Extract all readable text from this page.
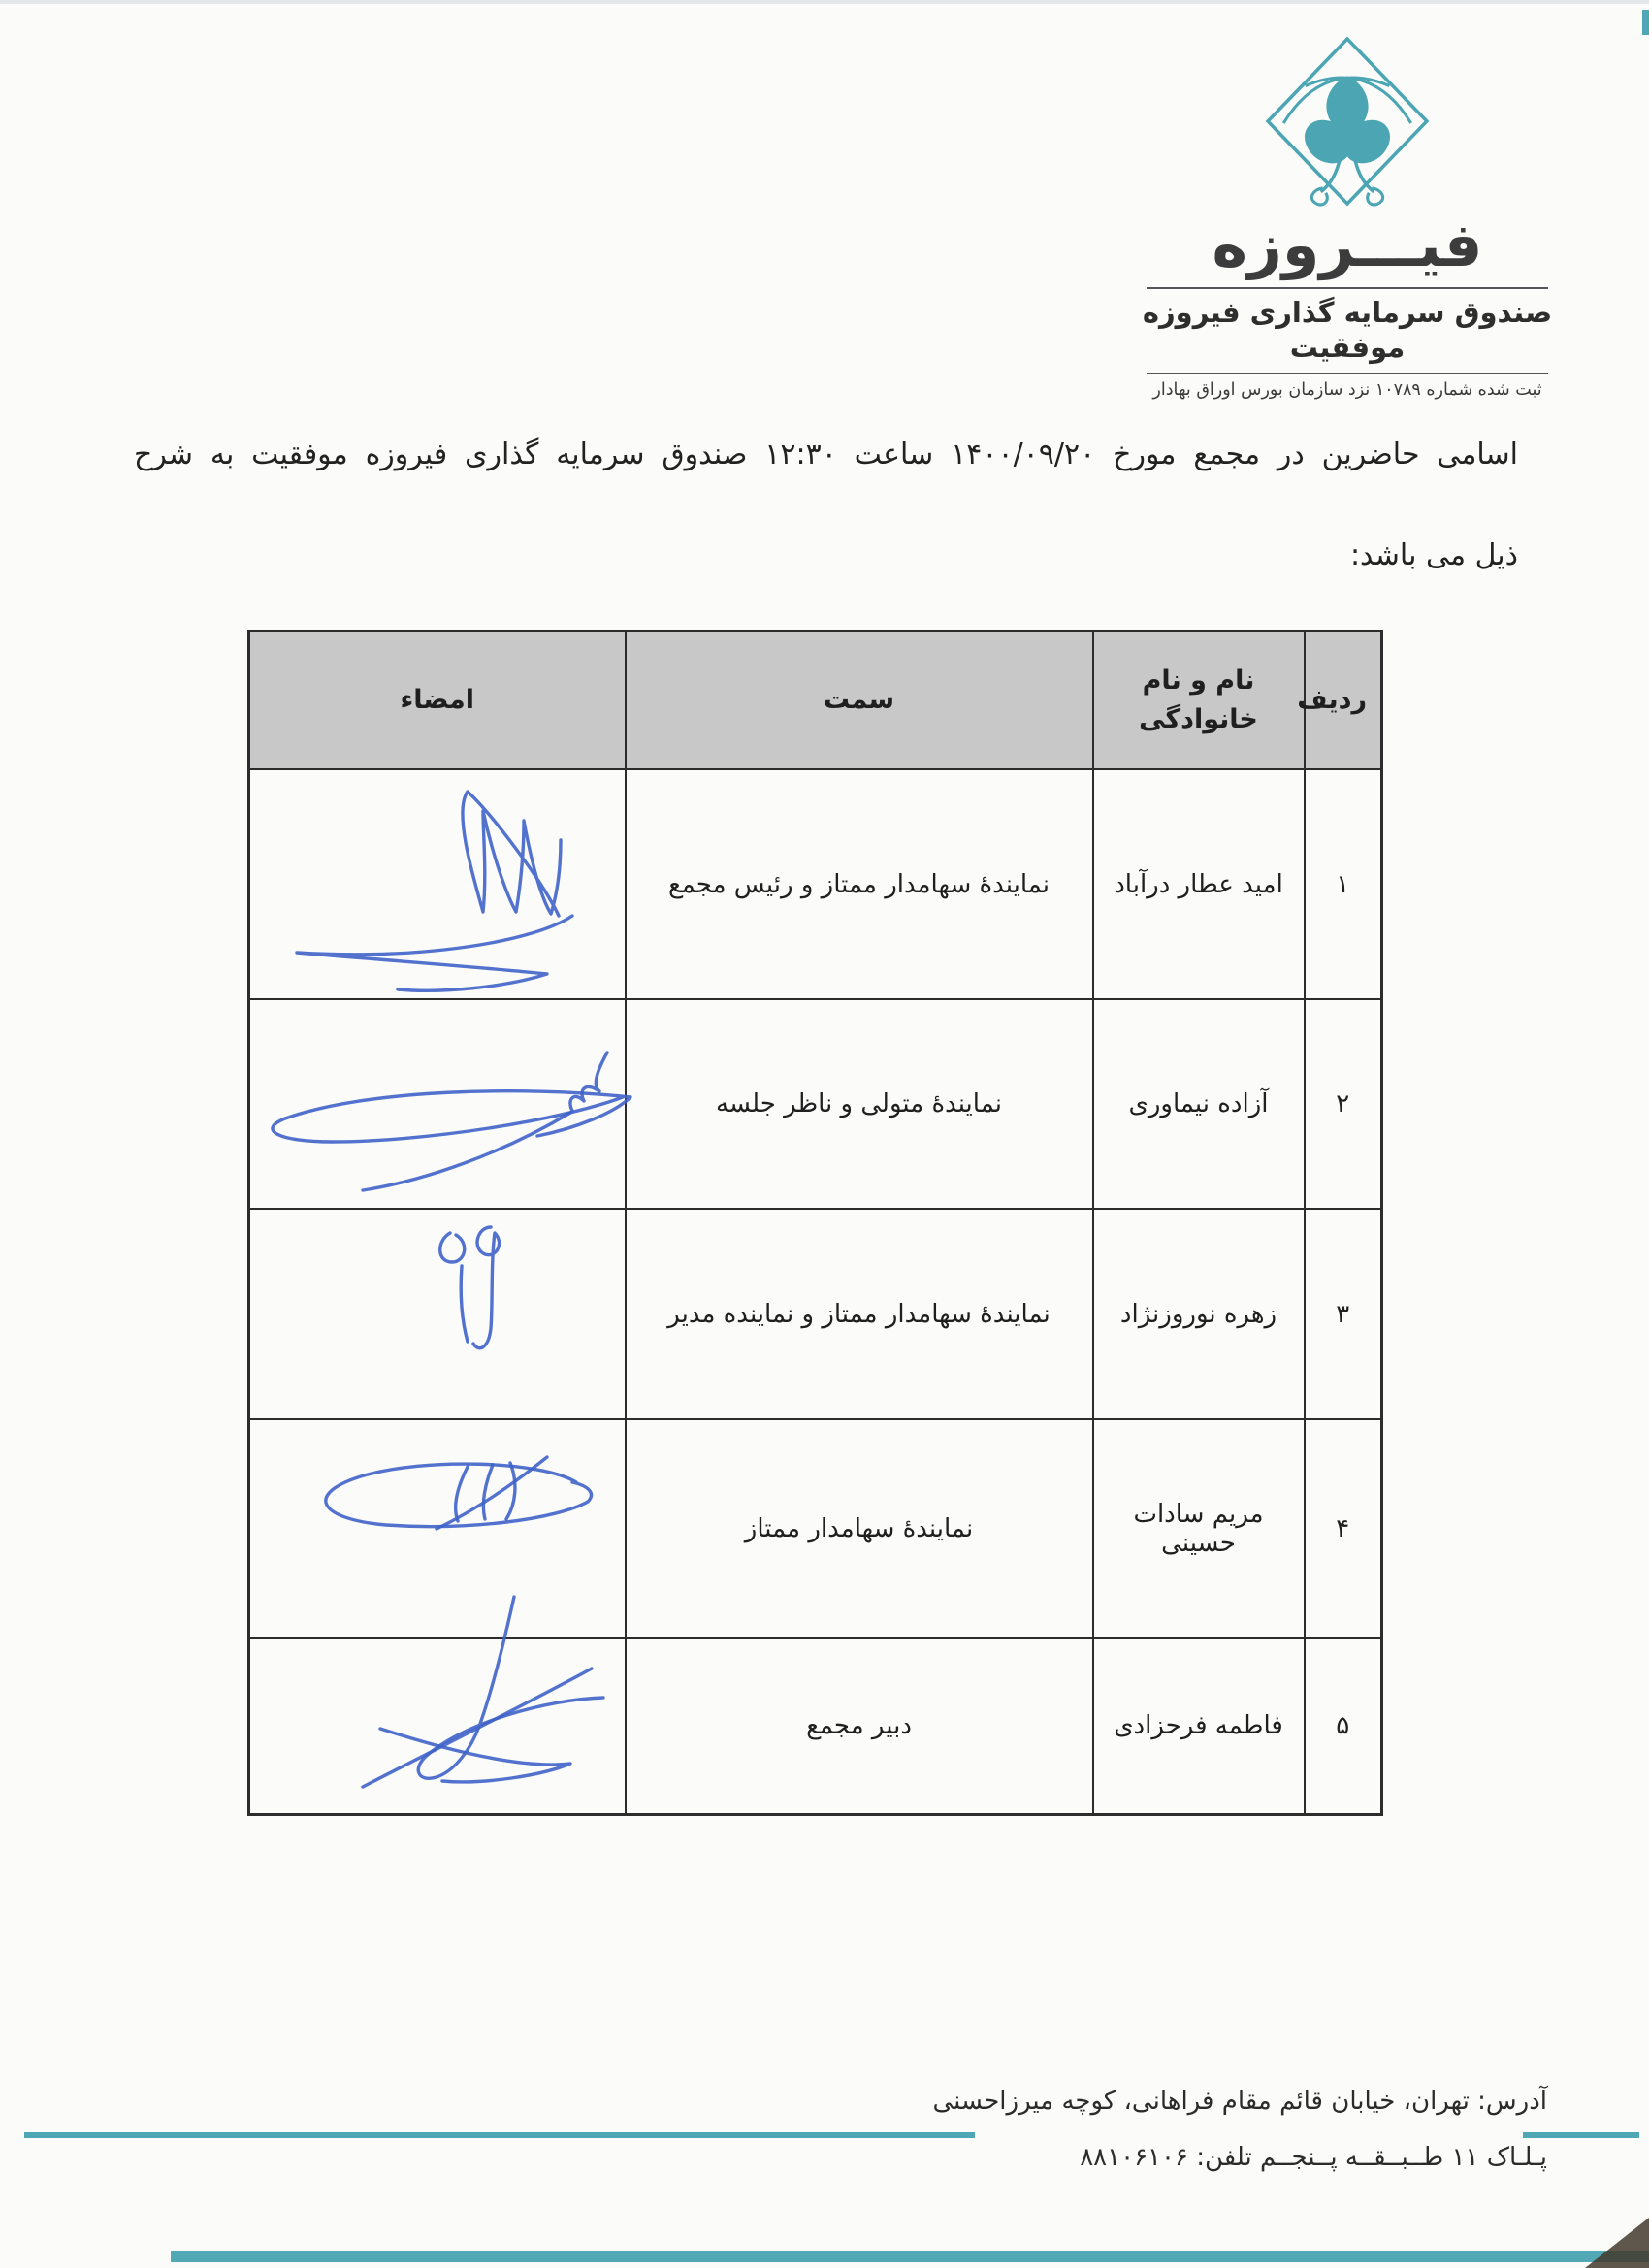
فیـــروزه
صندوق سرمایه گذاری فیروزه موفقیت
ثبت شده شماره ۱۰۷۸۹ نزد سازمان بورس اوراق بهادار
اسامی حاضرین در مجمع مورخ ۱۴۰۰/۰۹/۲۰ ساعت ۱۲:۳۰ صندوق سرمایه گذاری فیروزه موفقیت به شرح
ذیل می باشد:
ردیف	نام و نام خانوادگی	سمت	امضاء
۱	امید عطار درآباد	نمایندهٔ سهامدار ممتاز و رئیس مجمع	

۲	آزاده نیماوری	نمایندهٔ متولی و ناظر جلسه	

۳	زهره نوروزنژاد	نمایندهٔ سهامدار ممتاز و نماینده مدیر	

۴	مریم سادات حسینی	نمایندهٔ سهامدار ممتاز	

۵	فاطمه فرحزادی	دبیر مجمع	
آدرس: تهران، خیابان قائم مقام فراهانی، کوچه میرزاحسنی
پـلـاک ۱۱ طــبــقــه پــنجــم تلفن: ۸۸۱۰۶۱۰۶
